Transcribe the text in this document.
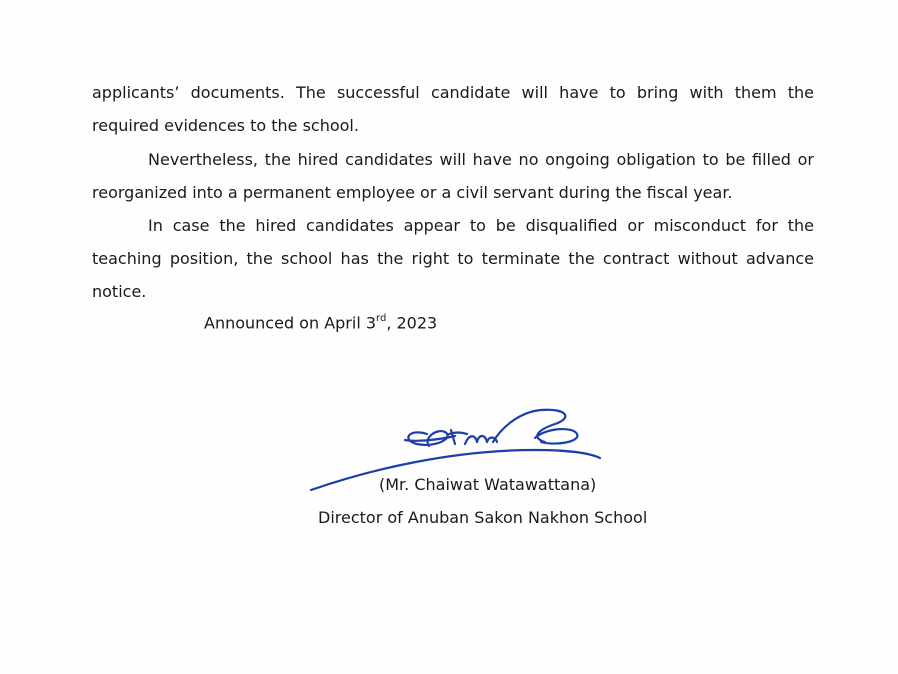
applicants’ documents. The successful candidate will have to bring with them the required evidences to the school.

Nevertheless, the hired candidates will have no ongoing obligation to be filled or reorganized into a permanent employee or a civil servant during the fiscal year.

In case the hired candidates appear to be disqualified or misconduct for the teaching position, the school has the right to terminate the contract without advance notice.

Announced on April 3rd, 2023

(Mr. Chaiwat Watawattana)

Director of Anuban Sakon Nakhon School
